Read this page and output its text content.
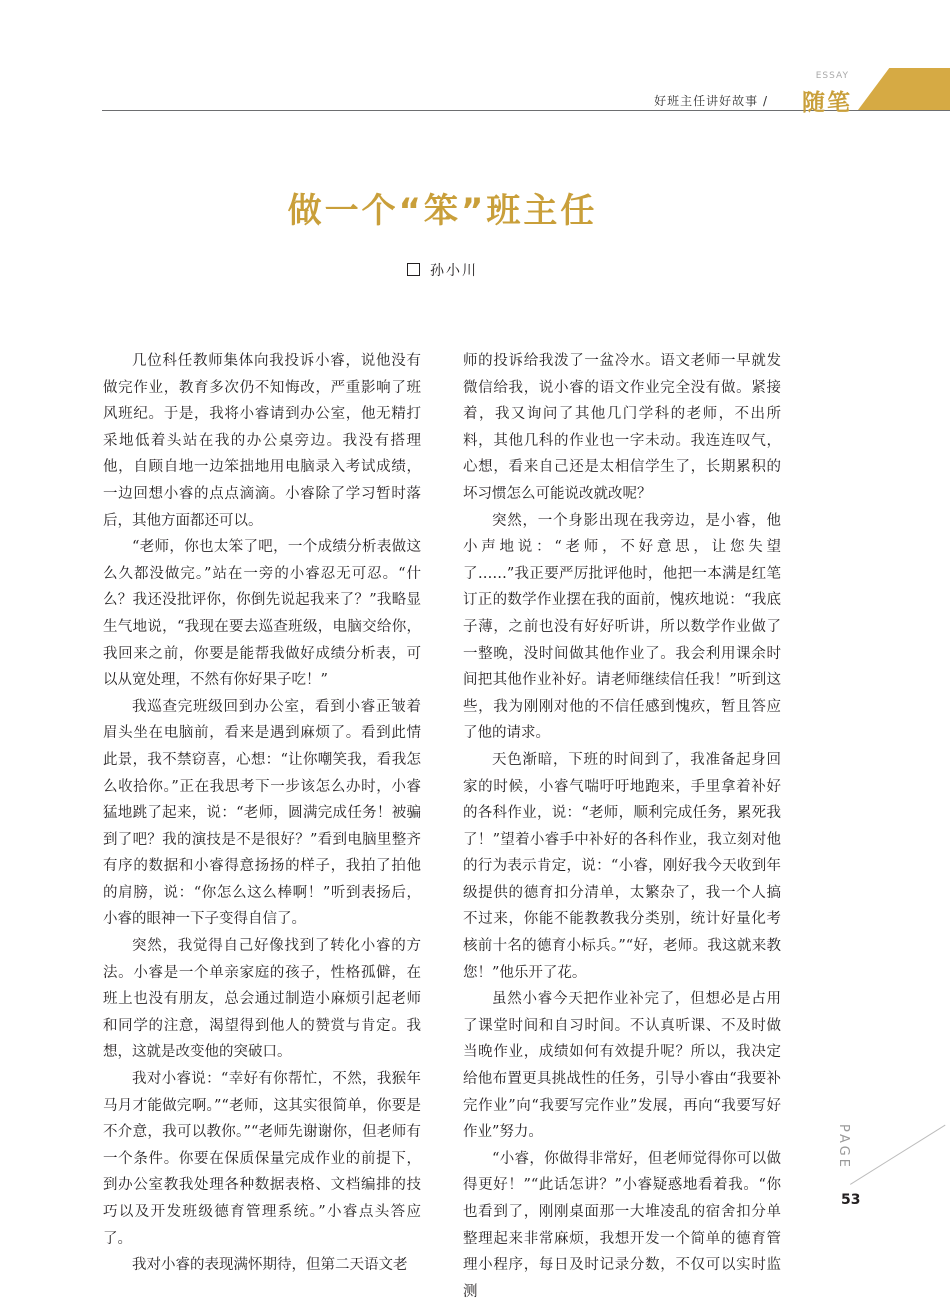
好班主任讲好故事 /
ESSAY
随笔
做一个“笨”班主任
孙小川

几位科任教师集体向我投诉小睿，说他没有做完作业，教育多次仍不知悔改，严重影响了班风班纪。于是，我将小睿请到办公室，他无精打采地低着头站在我的办公桌旁边。我没有搭理他，自顾自地一边笨拙地用电脑录入考试成绩，一边回想小睿的点点滴滴。小睿除了学习暂时落后，其他方面都还可以。

“老师，你也太笨了吧，一个成绩分析表做这么久都没做完。”站在一旁的小睿忍无可忍。“什么？我还没批评你，你倒先说起我来了？”我略显生气地说，“我现在要去巡查班级，电脑交给你，我回来之前，你要是能帮我做好成绩分析表，可以从宽处理，不然有你好果子吃！”

我巡查完班级回到办公室，看到小睿正皱着眉头坐在电脑前，看来是遇到麻烦了。看到此情此景，我不禁窃喜，心想：“让你嘲笑我，看我怎么收拾你。”正在我思考下一步该怎么办时，小睿猛地跳了起来，说：“老师，圆满完成任务！被骗到了吧？我的演技是不是很好？”看到电脑里整齐有序的数据和小睿得意扬扬的样子，我拍了拍他的肩膀，说：“你怎么这么棒啊！”听到表扬后，小睿的眼神一下子变得自信了。

突然，我觉得自己好像找到了转化小睿的方法。小睿是一个单亲家庭的孩子，性格孤僻，在班上也没有朋友，总会通过制造小麻烦引起老师和同学的注意，渴望得到他人的赞赏与肯定。我想，这就是改变他的突破口。

我对小睿说：“幸好有你帮忙，不然，我猴年马月才能做完啊。”“老师，这其实很简单，你要是不介意，我可以教你。”“老师先谢谢你，但老师有一个条件。你要在保质保量完成作业的前提下，到办公室教我处理各种数据表格、文档编排的技巧以及开发班级德育管理系统。”小睿点头答应了。

我对小睿的表现满怀期待，但第二天语文老

师的投诉给我泼了一盆冷水。语文老师一早就发微信给我，说小睿的语文作业完全没有做。紧接着，我又询问了其他几门学科的老师，不出所料，其他几科的作业也一字未动。我连连叹气，心想，看来自己还是太相信学生了，长期累积的坏习惯怎么可能说改就改呢？

突然，一个身影出现在我旁边，是小睿，他小声地说：“老师，不好意思，让您失望了……”我正要严厉批评他时，他把一本满是红笔订正的数学作业摆在我的面前，愧疚地说：“我底子薄，之前也没有好好听讲，所以数学作业做了一整晚，没时间做其他作业了。我会利用课余时间把其他作业补好。请老师继续信任我！”听到这些，我为刚刚对他的不信任感到愧疚，暂且答应了他的请求。

天色渐暗，下班的时间到了，我准备起身回家的时候，小睿气喘吁吁地跑来，手里拿着补好的各科作业，说：“老师，顺利完成任务，累死我了！”望着小睿手中补好的各科作业，我立刻对他的行为表示肯定，说：“小睿，刚好我今天收到年级提供的德育扣分清单，太繁杂了，我一个人搞不过来，你能不能教教我分类别，统计好量化考核前十名的德育小标兵。”“好，老师。我这就来教您！”他乐开了花。

虽然小睿今天把作业补完了，但想必是占用了课堂时间和自习时间。不认真听课、不及时做当晚作业，成绩如何有效提升呢？所以，我决定给他布置更具挑战性的任务，引导小睿由“我要补完作业”向“我要写完作业”发展，再向“我要写好作业”努力。

“小睿，你做得非常好，但老师觉得你可以做得更好！”“此话怎讲？”小睿疑惑地看着我。“你也看到了，刚刚桌面那一大堆凌乱的宿舍扣分单整理起来非常麻烦，我想开发一个简单的德育管理小程序，每日及时记录分数，不仅可以实时监测

PAGE
53
